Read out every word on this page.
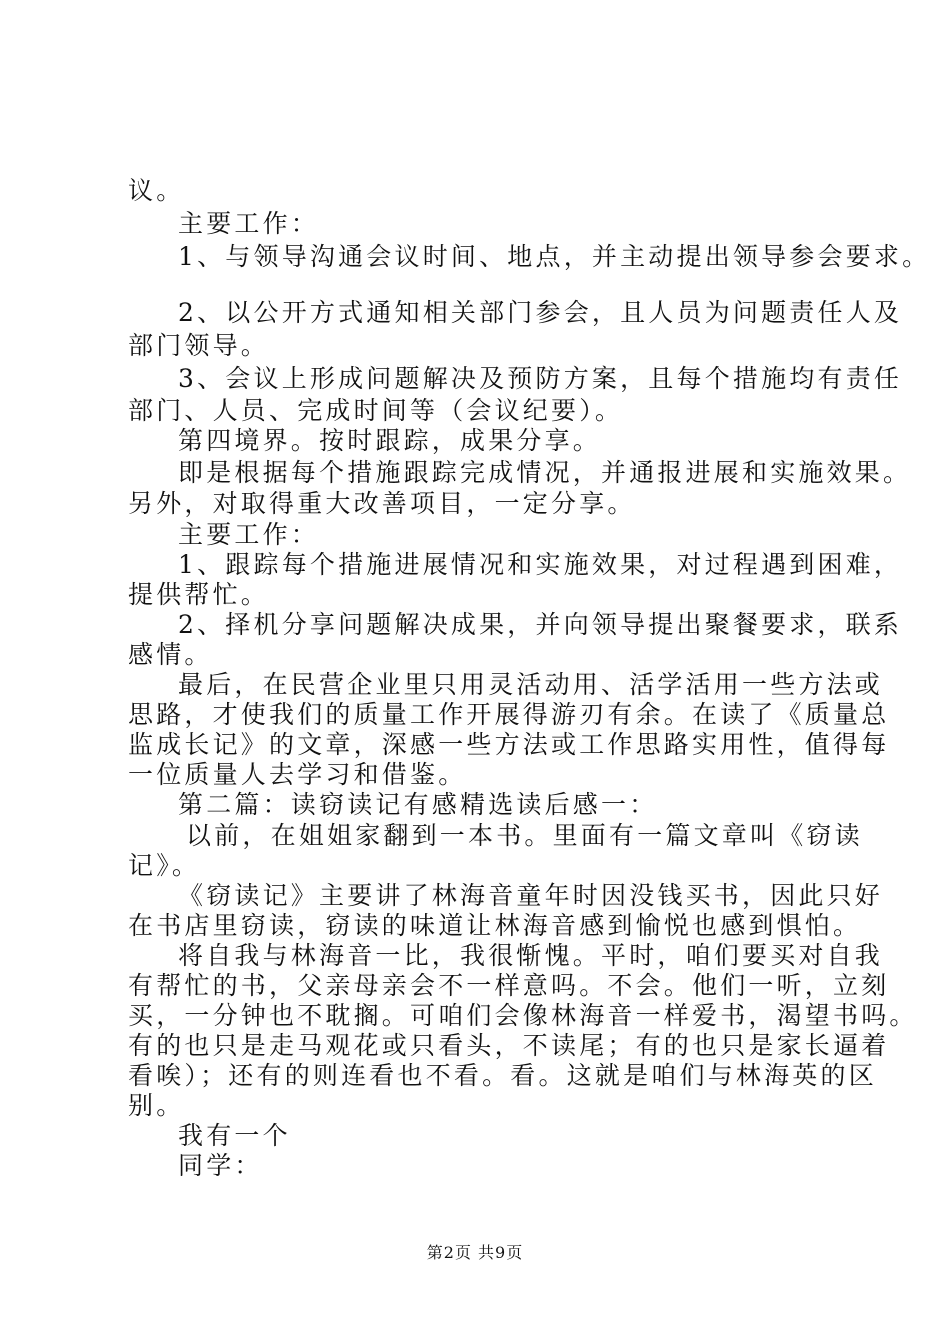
议。
主要工作：
1、与领导沟通会议时间、地点，并主动提出领导参会要求。
2、以公开方式通知相关部门参会，且人员为问题责任人及
部门领导。
3、会议上形成问题解决及预防方案，且每个措施均有责任
部门、人员、完成时间等（会议纪要）。
第四境界。按时跟踪，成果分享。
即是根据每个措施跟踪完成情况，并通报进展和实施效果。
另外，对取得重大改善项目，一定分享。
主要工作：
1、跟踪每个措施进展情况和实施效果，对过程遇到困难，
提供帮忙。
2、择机分享问题解决成果，并向领导提出聚餐要求，联系
感情。
最后，在民营企业里只用灵活动用、活学活用一些方法或
思路，才使我们的质量工作开展得游刃有余。在读了《质量总
监成长记》的文章，深感一些方法或工作思路实用性，值得每
一位质量人去学习和借鉴。
第二篇：读窃读记有感精选读后感一：
以前，在姐姐家翻到一本书。里面有一篇文章叫《窃读
记》。
《窃读记》主要讲了林海音童年时因没钱买书，因此只好
在书店里窃读，窃读的味道让林海音感到愉悦也感到惧怕。
将自我与林海音一比，我很惭愧。平时，咱们要买对自我
有帮忙的书，父亲母亲会不一样意吗。不会。他们一听，立刻
买，一分钟也不耽搁。可咱们会像林海音一样爱书，渴望书吗。
有的也只是走马观花或只看头，不读尾；有的也只是家长逼着
看唉）；还有的则连看也不看。看。这就是咱们与林海英的区
别。
我有一个
同学：
第2页 共9页
